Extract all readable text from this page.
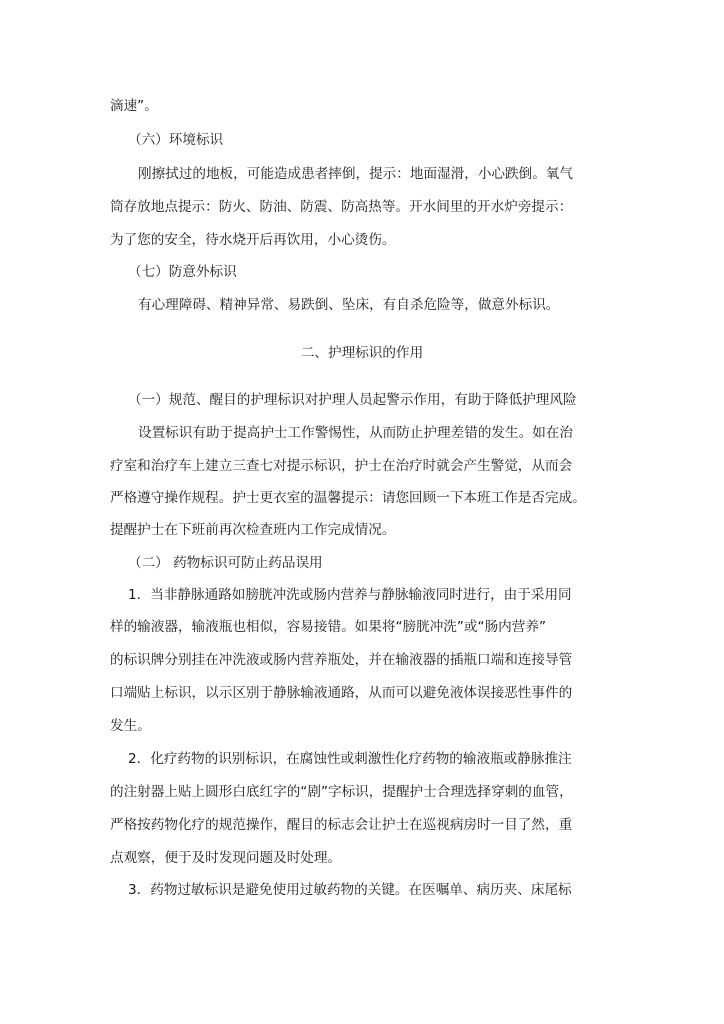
滴速”。
（六）环境标识
刚擦拭过的地板，可能造成患者摔倒，提示：地面湿滑，小心跌倒。氧气
筒存放地点提示：防火、防油、防震、防高热等。开水间里的开水炉旁提示：
为了您的安全，待水烧开后再饮用，小心烫伤。
（七）防意外标识
有心理障碍、精神异常、易跌倒、坠床，有自杀危险等，做意外标识。
二、护理标识的作用
（一）规范、醒目的护理标识对护理人员起警示作用，有助于降低护理风险
设置标识有助于提高护士工作警惕性，从而防止护理差错的发生。如在治
疗室和治疗车上建立三查七对提示标识，护士在治疗时就会产生警觉，从而会
严格遵守操作规程。护士更衣室的温馨提示：请您回顾一下本班工作是否完成。
提醒护士在下班前再次检查班内工作完成情况。
（二） 药物标识可防止药品误用
1．当非静脉通路如膀胱冲洗或肠内营养与静脉输液同时进行，由于采用同
样的输液器，输液瓶也相似，容易接错。如果将“膀胱冲洗”或“肠内营养”
的标识牌分别挂在冲洗液或肠内营养瓶处，并在输液器的插瓶口端和连接导管
口端贴上标识，以示区别于静脉输液通路，从而可以避免液体误接恶性事件的
发生。
2．化疗药物的识别标识，在腐蚀性或刺激性化疗药物的输液瓶或静脉推注
的注射器上贴上圆形白底红字的“剧”字标识，提醒护士合理选择穿刺的血管，
严格按药物化疗的规范操作，醒目的标志会让护士在巡视病房时一目了然，重
点观察，便于及时发现问题及时处理。
3．药物过敏标识是避免使用过敏药物的关键。在医嘱单、病历夹、床尾标
